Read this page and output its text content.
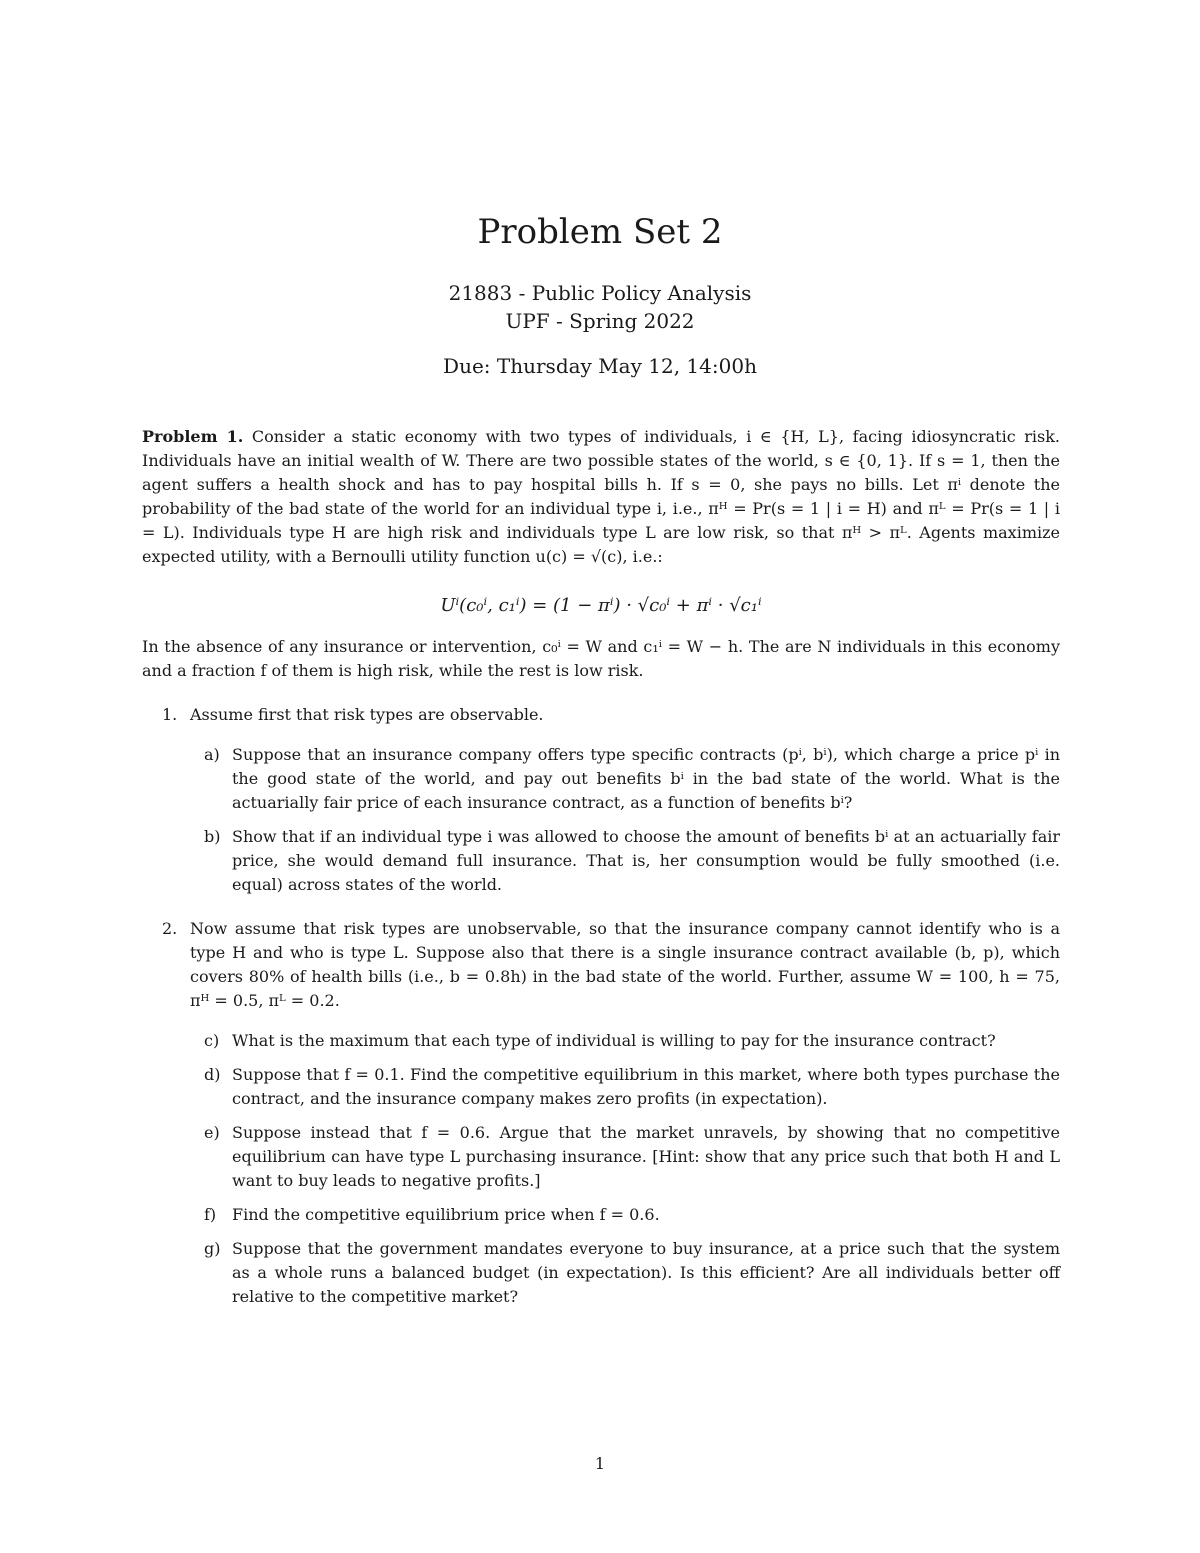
Problem Set 2
21883 - Public Policy Analysis
UPF - Spring 2022
Due: Thursday May 12, 14:00h

Problem 1. Consider a static economy with two types of individuals, i ∈ {H, L}, facing idiosyncratic risk. Individuals have an initial wealth of W. There are two possible states of the world, s ∈ {0, 1}. If s = 1, then the agent suffers a health shock and has to pay hospital bills h. If s = 0, she pays no bills. Let πⁱ denote the probability of the bad state of the world for an individual type i, i.e., πᴴ = Pr(s = 1 | i = H) and πᴸ = Pr(s = 1 | i = L). Individuals type H are high risk and individuals type L are low risk, so that πᴴ > πᴸ. Agents maximize expected utility, with a Bernoulli utility function u(c) = √(c), i.e.:

Uⁱ(c₀ⁱ, c₁ⁱ) = (1 − πⁱ) · √c₀ⁱ + πⁱ · √c₁ⁱ

In the absence of any insurance or intervention, c₀ⁱ = W and c₁ⁱ = W − h. The are N individuals in this economy and a fraction f of them is high risk, while the rest is low risk.

1. Assume first that risk types are observable.

a) Suppose that an insurance company offers type specific contracts (pⁱ, bⁱ), which charge a price pⁱ in the good state of the world, and pay out benefits bⁱ in the bad state of the world. What is the actuarially fair price of each insurance contract, as a function of benefits bⁱ?

b) Show that if an individual type i was allowed to choose the amount of benefits bⁱ at an actuarially fair price, she would demand full insurance. That is, her consumption would be fully smoothed (i.e. equal) across states of the world.

2. Now assume that risk types are unobservable, so that the insurance company cannot identify who is a type H and who is type L. Suppose also that there is a single insurance contract available (b, p), which covers 80% of health bills (i.e., b = 0.8h) in the bad state of the world. Further, assume W = 100, h = 75, πᴴ = 0.5, πᴸ = 0.2.

c) What is the maximum that each type of individual is willing to pay for the insurance contract?

d) Suppose that f = 0.1. Find the competitive equilibrium in this market, where both types purchase the contract, and the insurance company makes zero profits (in expectation).

e) Suppose instead that f = 0.6. Argue that the market unravels, by showing that no competitive equilibrium can have type L purchasing insurance. [Hint: show that any price such that both H and L want to buy leads to negative profits.]

f) Find the competitive equilibrium price when f = 0.6.

g) Suppose that the government mandates everyone to buy insurance, at a price such that the system as a whole runs a balanced budget (in expectation). Is this efficient? Are all individuals better off relative to the competitive market?

1
